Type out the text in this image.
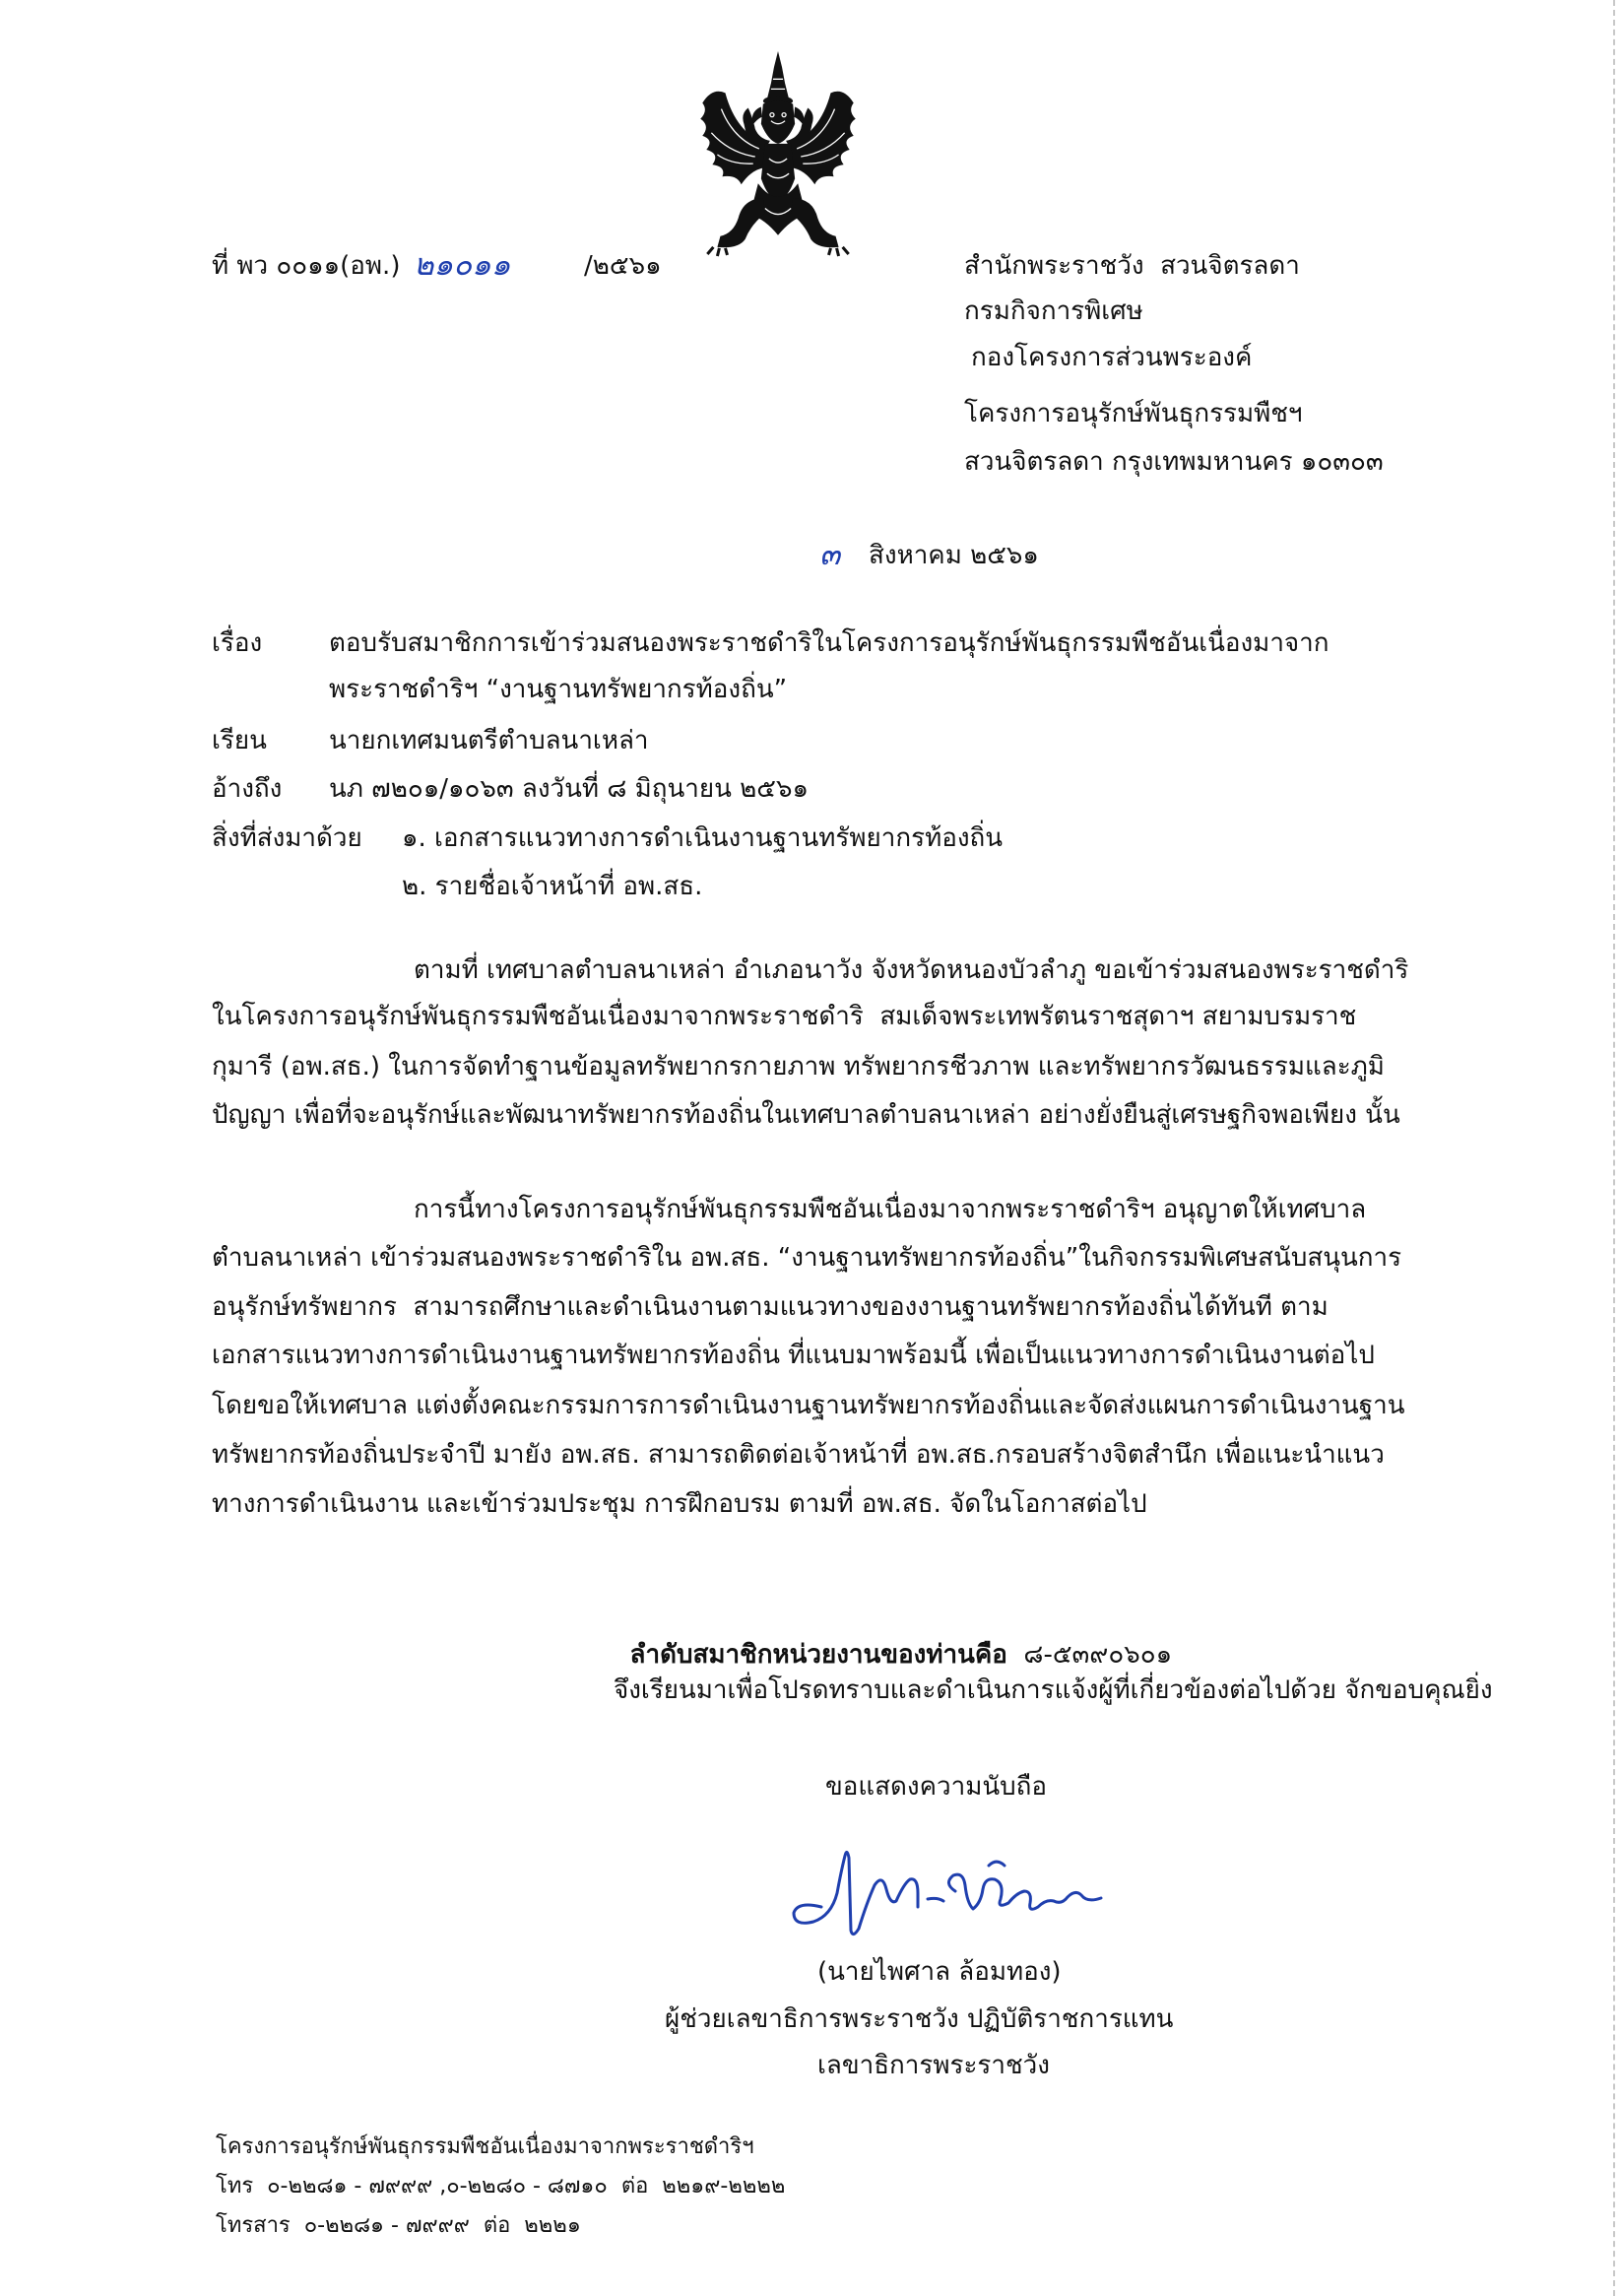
ที่ พว ๐๐๑๑(อพ.) ๒๑๐๑๑	/๒๕๖๑	สำนักพระราชวัง  สวนจิตรลดา
กรมกิจการพิเศษ
กองโครงการส่วนพระองค์
โครงการอนุรักษ์พันธุกรรมพืชฯ
สวนจิตรลดา กรุงเทพมหานคร ๑๐๓๐๓
๓	สิงหาคม ๒๕๖๑
เรื่อง	ตอบรับสมาชิกการเข้าร่วมสนองพระราชดำริในโครงการอนุรักษ์พันธุกรรมพืชอันเนื่องมาจาก
พระราชดำริฯ “งานฐานทรัพยากรท้องถิ่น”
เรียน	นายกเทศมนตรีตำบลนาเหล่า
อ้างถึง	นภ ๗๒๐๑/๑๐๖๓ ลงวันที่ ๘ มิถุนายน ๒๕๖๑
สิ่งที่ส่งมาด้วย	๑. เอกสารแนวทางการดำเนินงานฐานทรัพยากรท้องถิ่น
๒. รายชื่อเจ้าหน้าที่ อพ.สธ.
ตามที่ เทศบาลตำบลนาเหล่า อำเภอนาวัง จังหวัดหนองบัวลำภู ขอเข้าร่วมสนองพระราชดำริ
ในโครงการอนุรักษ์พันธุกรรมพืชอันเนื่องมาจากพระราชดำริ  สมเด็จพระเทพรัตนราชสุดาฯ สยามบรมราช
กุมารี (อพ.สธ.) ในการจัดทำฐานข้อมูลทรัพยากรกายภาพ ทรัพยากรชีวภาพ และทรัพยากรวัฒนธรรมและภูมิ
ปัญญา เพื่อที่จะอนุรักษ์และพัฒนาทรัพยากรท้องถิ่นในเทศบาลตำบลนาเหล่า อย่างยั่งยืนสู่เศรษฐกิจพอเพียง นั้น
การนี้ทางโครงการอนุรักษ์พันธุกรรมพืชอันเนื่องมาจากพระราชดำริฯ อนุญาตให้เทศบาล
ตำบลนาเหล่า เข้าร่วมสนองพระราชดำริใน อพ.สธ. “งานฐานทรัพยากรท้องถิ่น”ในกิจกรรมพิเศษสนับสนุนการ
อนุรักษ์ทรัพยากร  สามารถศึกษาและดำเนินงานตามแนวทางของงานฐานทรัพยากรท้องถิ่นได้ทันที ตาม
เอกสารแนวทางการดำเนินงานฐานทรัพยากรท้องถิ่น ที่แนบมาพร้อมนี้ เพื่อเป็นแนวทางการดำเนินงานต่อไป
โดยขอให้เทศบาล แต่งตั้งคณะกรรมการการดำเนินงานฐานทรัพยากรท้องถิ่นและจัดส่งแผนการดำเนินงานฐาน
ทรัพยากรท้องถิ่นประจำปี มายัง อพ.สธ. สามารถติดต่อเจ้าหน้าที่ อพ.สธ.กรอบสร้างจิตสำนึก เพื่อแนะนำแนว
ทางการดำเนินงาน และเข้าร่วมประชุม การฝึกอบรม ตามที่ อพ.สธ. จัดในโอกาสต่อไป

ลำดับสมาชิกหน่วยงานของท่านคือ ๘-๕๓๙๐๖๐๑

จึงเรียนมาเพื่อโปรดทราบและดำเนินการแจ้งผู้ที่เกี่ยวข้องต่อไปด้วย จักขอบคุณยิ่ง
ขอแสดงความนับถือ
(นายไพศาล ล้อมทอง)
ผู้ช่วยเลขาธิการพระราชวัง ปฏิบัติราชการแทน
เลขาธิการพระราชวัง
โครงการอนุรักษ์พันธุกรรมพืชอันเนื่องมาจากพระราชดำริฯ
โทร  ๐-๒๒๘๑ - ๗๙๙๙ ,๐-๒๒๘๐ - ๘๗๑๐  ต่อ  ๒๒๑๙-๒๒๒๒
โทรสาร  ๐-๒๒๘๑ - ๗๙๙๙  ต่อ  ๒๒๒๑
